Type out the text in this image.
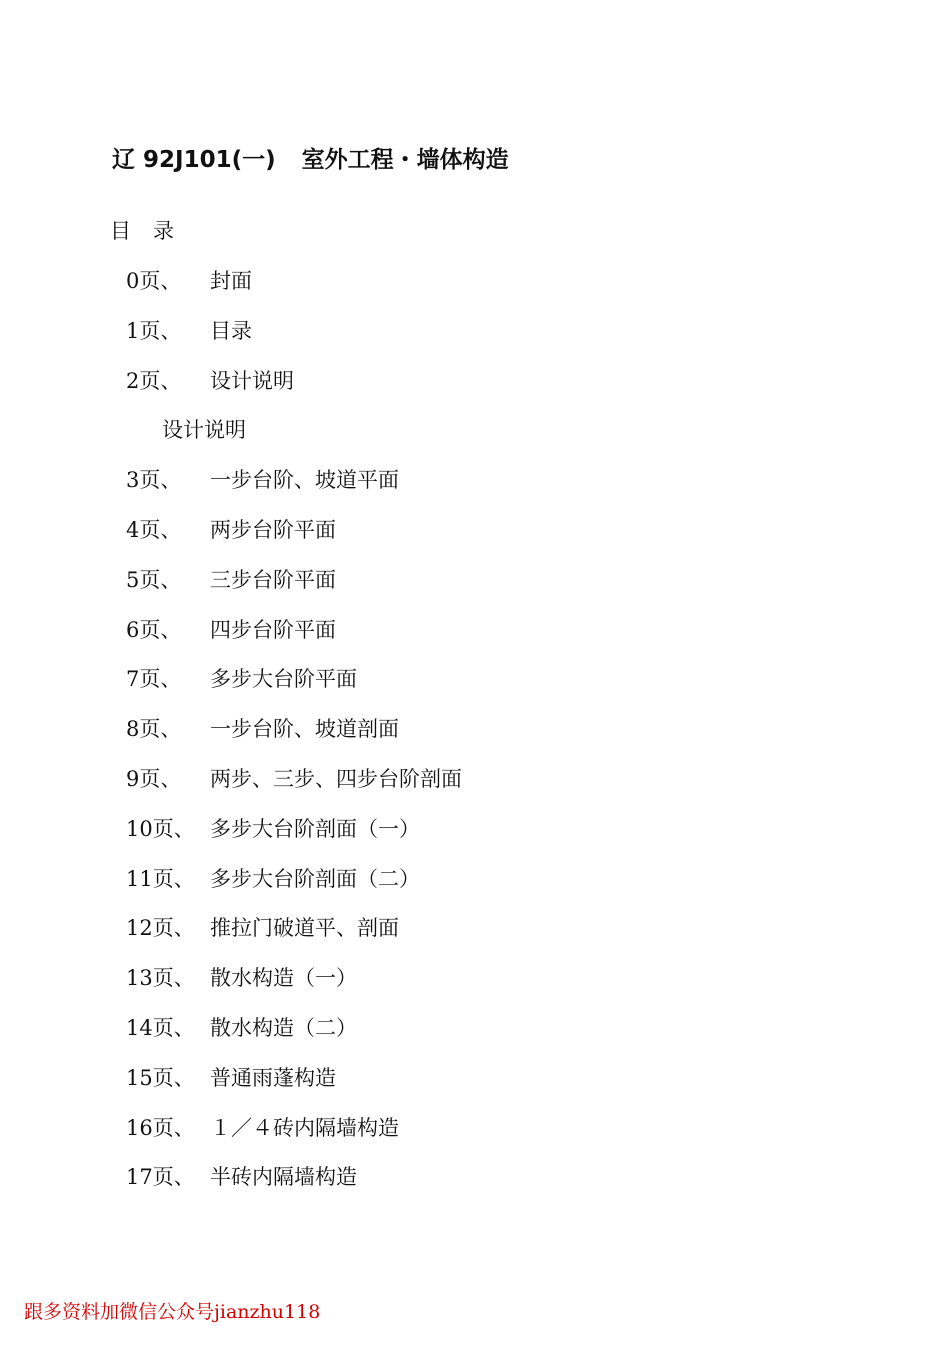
辽 92J101(一) 室外工程・墙体构造
目录
0页、	封面
1页、	目录
2页、	设计说明
设计说明
3页、	一步台阶、坡道平面
4页、	两步台阶平面
5页、	三步台阶平面
6页、	四步台阶平面
7页、	多步大台阶平面
8页、	一步台阶、坡道剖面
9页、	两步、三步、四步台阶剖面
10页、 多步大台阶剖面（一）
11页、 多步大台阶剖面（二）
12页、 推拉门破道平、剖面
13页、 散水构造（一）
14页、 散水构造（二）
15页、 普通雨蓬构造
16页、 １／４砖内隔墙构造
17页、 半砖内隔墙构造
跟多资料加微信公众号jianzhu118
